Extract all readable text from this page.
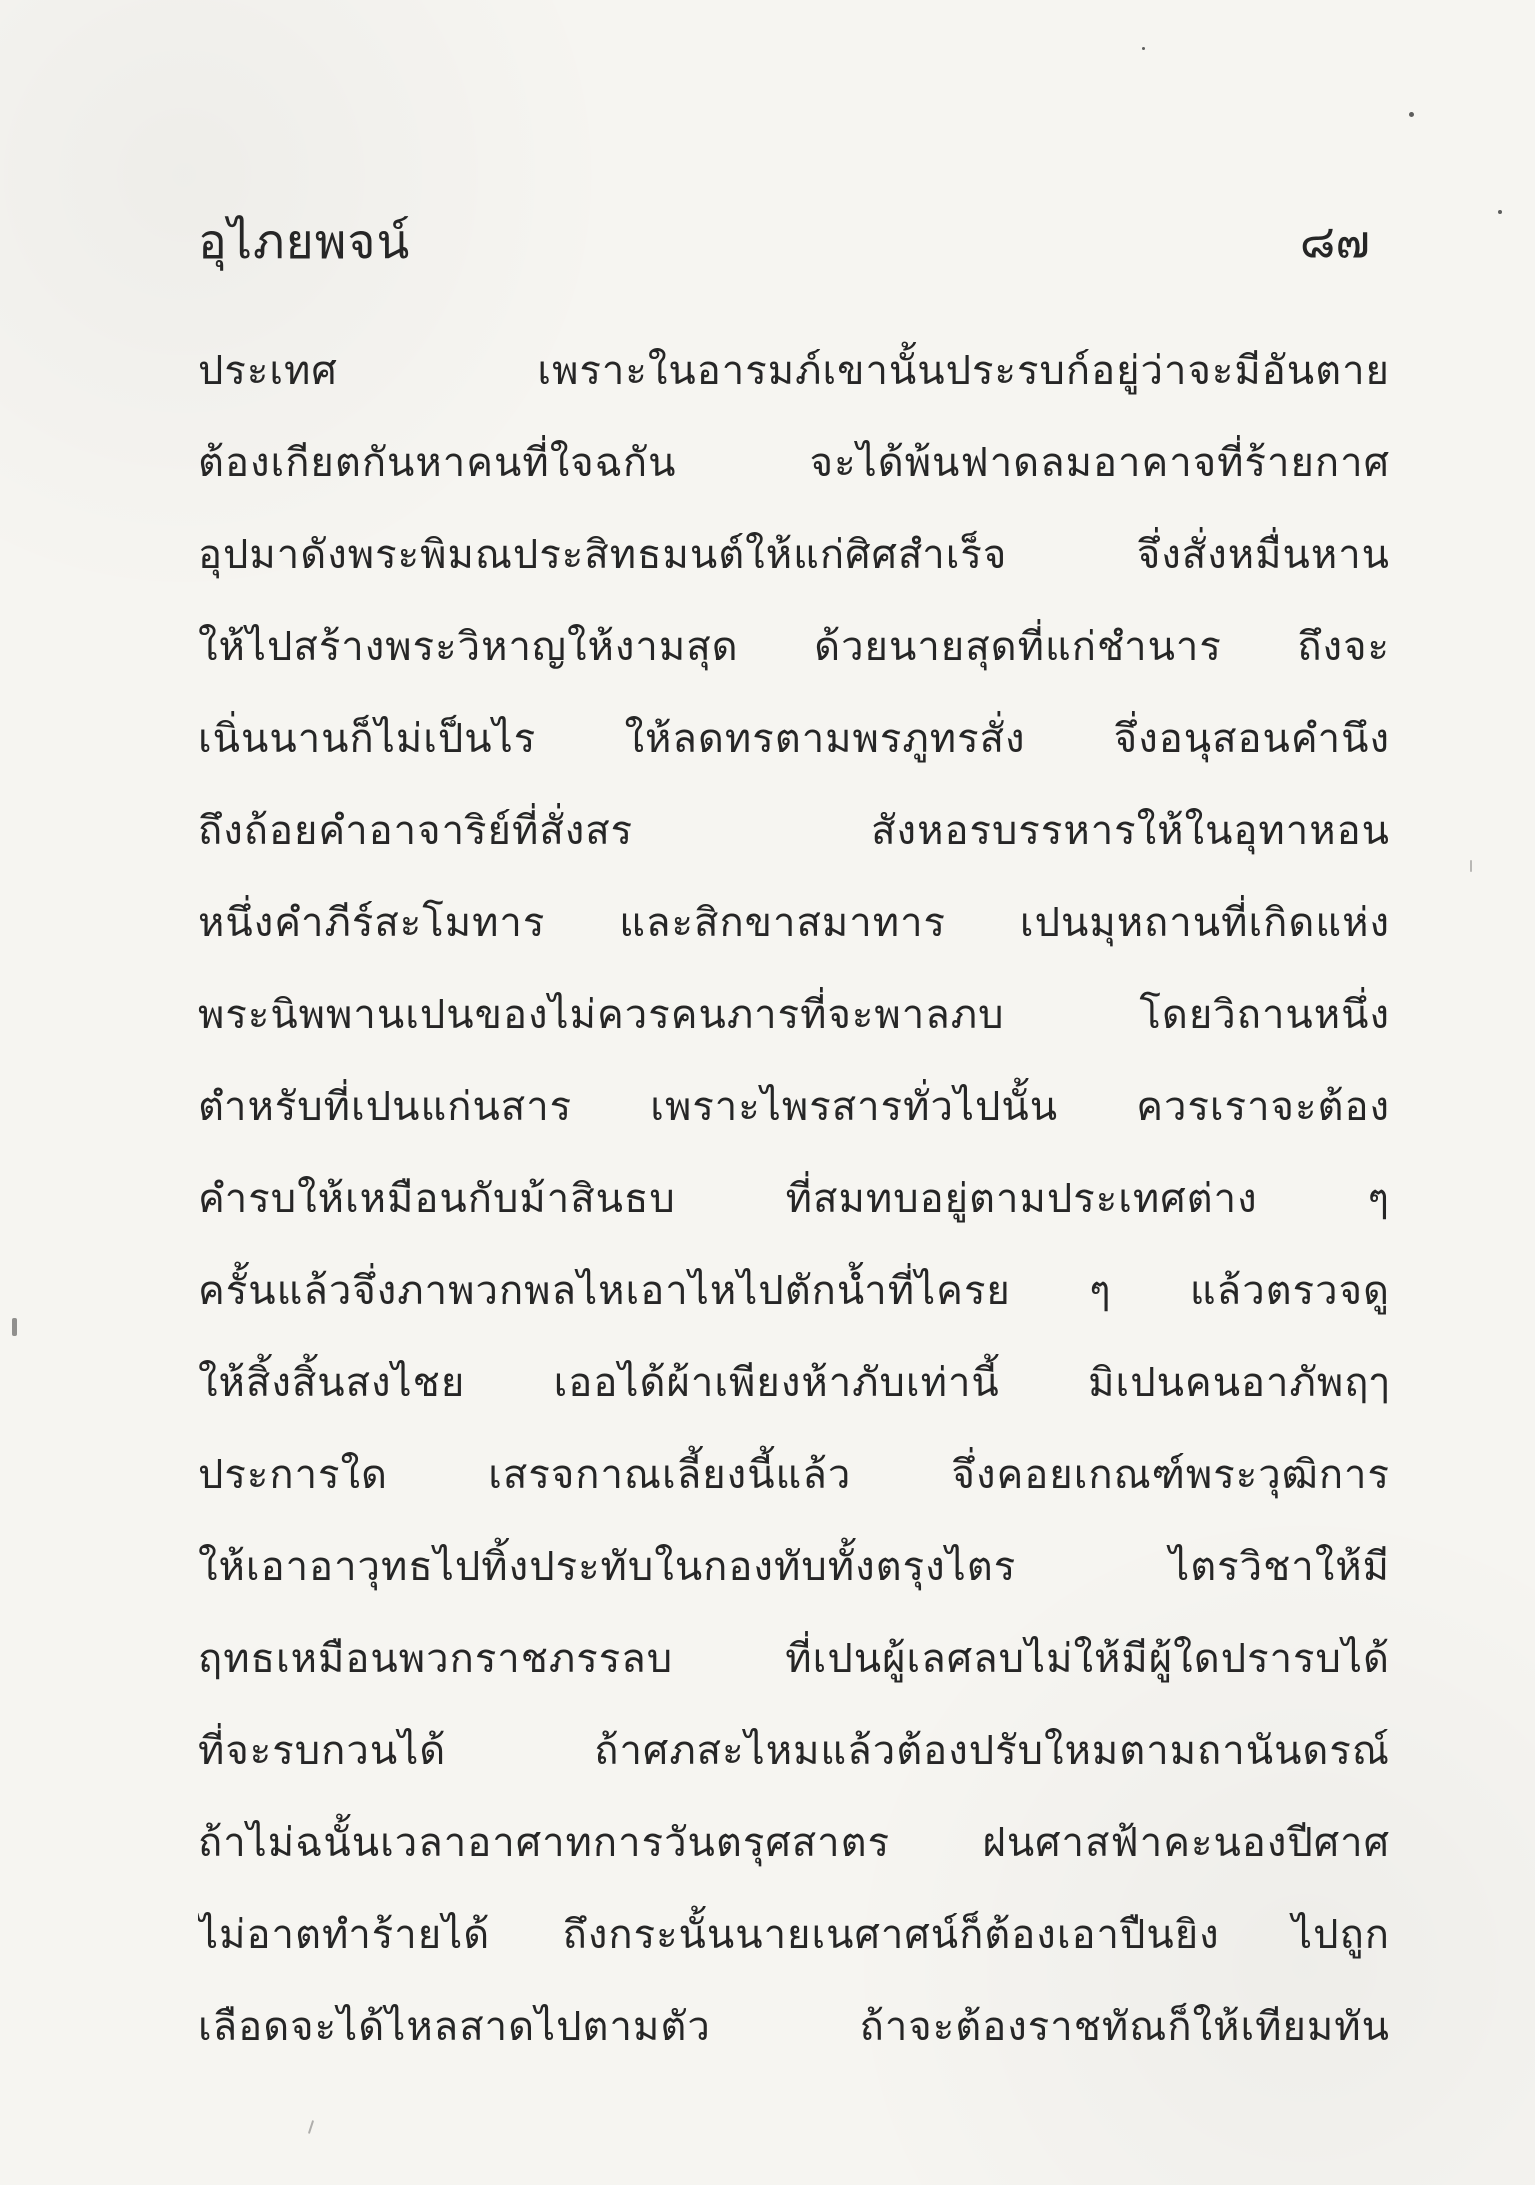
อุไภยพจน์	๘๗
ประเทศ เพราะในอารมภ์เขานั้นประรบก์อยู่ว่าจะมีอันตาย
ต้องเกียตกันหาคนที่ใจฉกัน จะได้พ้นฟาดลมอาคาจที่ร้ายกาศ
อุปมาดังพระพิมณประสิทธมนต์ให้แก่ศิศสำเร็จ จึ่งสั่งหมื่นหาน
ให้ไปสร้างพระวิหาญให้งามสุด ด้วยนายสุดที่แก่ชำนาร ถึงจะ
เนิ่นนานก็ไม่เป็นไร ให้ลดทรตามพรภูทรสั่ง จึ่งอนุสอนคำนึง
ถึงถ้อยคำอาจาริย์ที่สั่งสร สังหอรบรรหารให้ในอุทาหอน
หนึ่งคำภีร์สะโมทาร และสิกขาสมาทาร เปนมุหถานที่เกิดแห่ง
พระนิพพานเปนของไม่ควรคนภารที่จะพาลภบ โดยวิถานหนึ่ง
ตำหรับที่เปนแก่นสาร เพราะไพรสารทั่วไปนั้น ควรเราจะต้อง
คำรบให้เหมือนกับม้าสินธบ ที่สมทบอยู่ตามประเทศต่าง ๆ
ครั้นแล้วจึ่งภาพวกพลไหเอาไหไปตักน้ำที่ไครย ๆ แล้วตรวจดู
ให้สิ้งสิ้นสงไชย เออได้ผ้าเพียงห้าภับเท่านี้ มิเปนคนอาภัพฤๅ
ประการใด เสรจกาณเลี้ยงนี้แล้ว จึ่งคอยเกณฑ์พระวุฒิการ
ให้เอาอาวุทธไปทิ้งประทับในกองทับทั้งตรุงไตร ไตรวิชาให้มี
ฤทธเหมือนพวกราชภรรลบ ที่เปนผู้เลศลบไม่ให้มีผู้ใดปรารบได้
ที่จะรบกวนได้ ถ้าศภสะไหมแล้วต้องปรับใหมตามถานันดรณ์
ถ้าไม่ฉนั้นเวลาอาศาทการวันตรุศสาตร ฝนศาสฟ้าคะนองปีศาศ
ไม่อาตทำร้ายได้ ถึงกระนั้นนายเนศาศน์ก็ต้องเอาปืนยิง ไปถูก
เลือดจะได้ไหลสาดไปตามตัว ถ้าจะต้องราชทัณก็ให้เทียมทัน
